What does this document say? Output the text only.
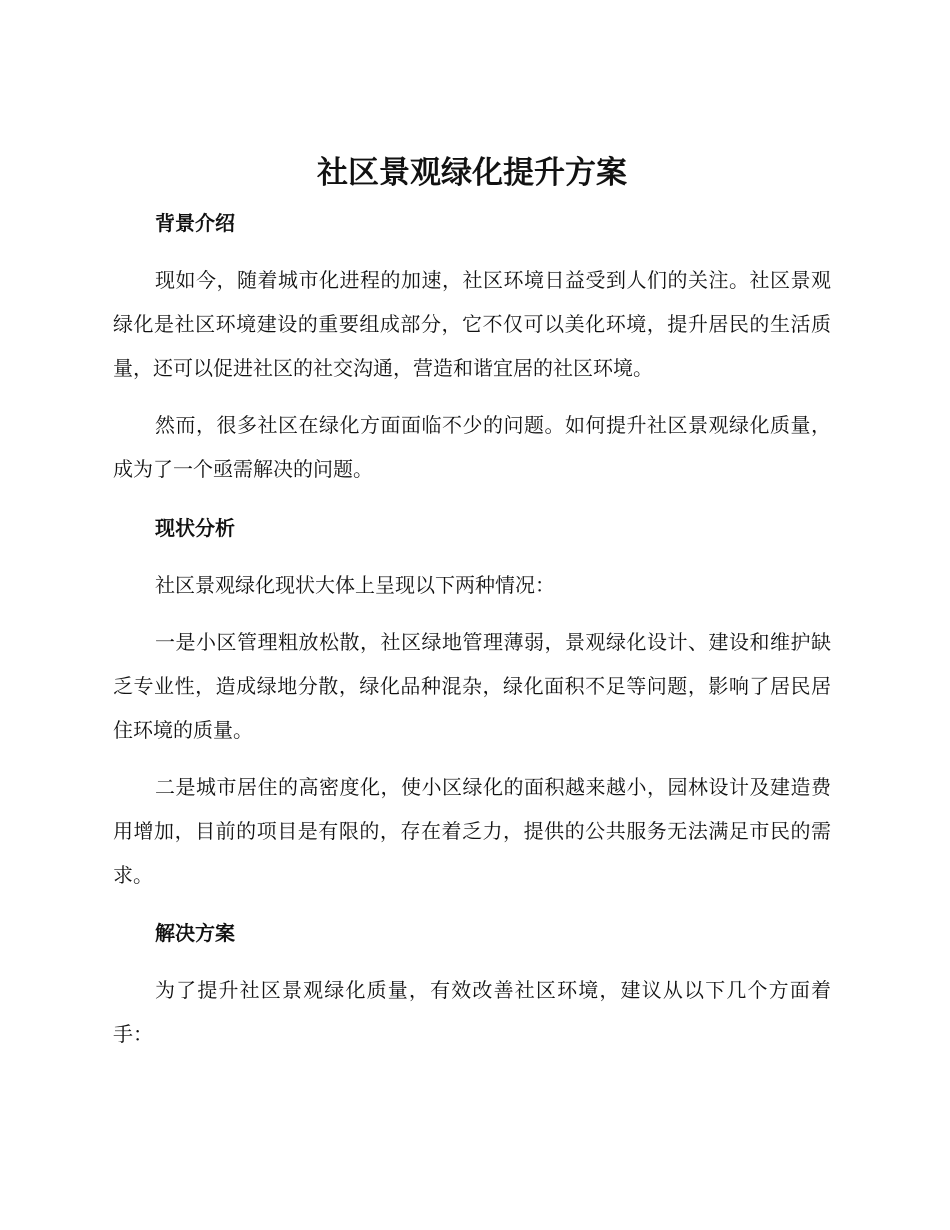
社区景观绿化提升方案
背景介绍

现如今，随着城市化进程的加速，社区环境日益受到人们的关注。社区景观绿化是社区环境建设的重要组成部分，它不仅可以美化环境，提升居民的生活质量，还可以促进社区的社交沟通，营造和谐宜居的社区环境。

然而，很多社区在绿化方面面临不少的问题。如何提升社区景观绿化质量，成为了一个亟需解决的问题。

现状分析

社区景观绿化现状大体上呈现以下两种情况：

一是小区管理粗放松散，社区绿地管理薄弱，景观绿化设计、建设和维护缺乏专业性，造成绿地分散，绿化品种混杂，绿化面积不足等问题，影响了居民居住环境的质量。

二是城市居住的高密度化，使小区绿化的面积越来越小，园林设计及建造费用增加，目前的项目是有限的，存在着乏力，提供的公共服务无法满足市民的需求。

解决方案

为了提升社区景观绿化质量，有效改善社区环境，建议从以下几个方面着手：
